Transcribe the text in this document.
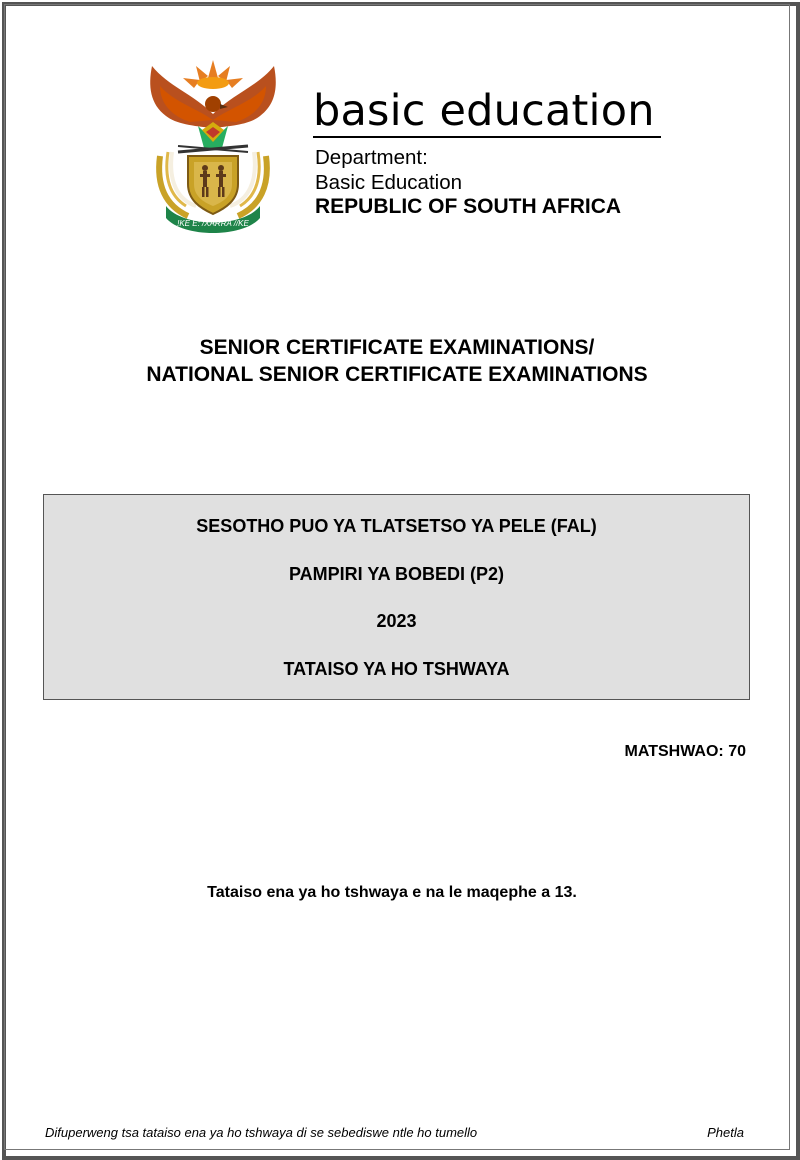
!KE E: /XARRA //KE
basic education
Department:
Basic Education
REPUBLIC OF SOUTH AFRICA
SENIOR CERTIFICATE EXAMINATIONS/
NATIONAL SENIOR CERTIFICATE EXAMINATIONS
SESOTHO PUO YA TLATSETSO YA PELE (FAL)
PAMPIRI YA BOBEDI (P2)
2023
TATAISO YA HO TSHWAYA
MATSHWAO: 70
Tataiso ena ya ho tshwaya e na le maqephe a 13.
Difuperweng tsa tataiso ena ya ho tshwaya di se sebediswe ntle ho tumello	Phetla
